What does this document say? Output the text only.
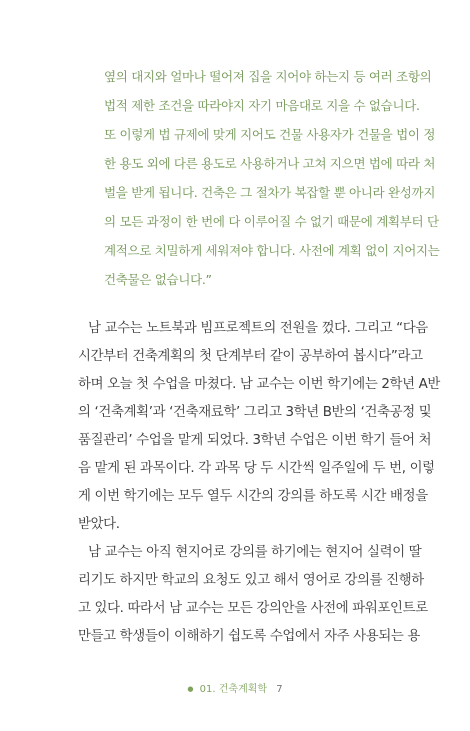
옆의 대지와 얼마나 떨어져 집을 지어야 하는지 등 여러 조항의
법적 제한 조건을 따라야지 자기 마음대로 지을 수 없습니다.
또 이렇게 법 규제에 맞게 지어도 건물 사용자가 건물을 법이 정
한 용도 외에 다른 용도로 사용하거나 고쳐 지으면 법에 따라 처
벌을 받게 됩니다. 건축은 그 절차가 복잡할 뿐 아니라 완성까지
의 모든 과정이 한 번에 다 이루어질 수 없기 때문에 계획부터 단
계적으로 치밀하게 세워져야 합니다. 사전에 계획 없이 지어지는
건축물은 없습니다.”
남 교수는 노트북과 빔프로젝트의 전원을 껐다. 그리고 “다음
시간부터 건축계획의 첫 단계부터 같이 공부하여 봅시다”라고
하며 오늘 첫 수업을 마쳤다. 남 교수는 이번 학기에는 2학년 A반
의 ‘건축계획’과 ‘건축재료학’ 그리고 3학년 B반의 ‘건축공정 및
품질관리’ 수업을 맡게 되었다. 3학년 수업은 이번 학기 들어 처
음 맡게 된 과목이다. 각 과목 당 두 시간씩 일주일에 두 번, 이렇
게 이번 학기에는 모두 열두 시간의 강의를 하도록 시간 배정을
받았다.
남 교수는 아직 현지어로 강의를 하기에는 현지어 실력이 딸
리기도 하지만 학교의 요청도 있고 해서 영어로 강의를 진행하
고 있다. 따라서 남 교수는 모든 강의안을 사전에 파워포인트로
만들고 학생들이 이해하기 쉽도록 수업에서 자주 사용되는 용
● 01. 건축계획학 7
